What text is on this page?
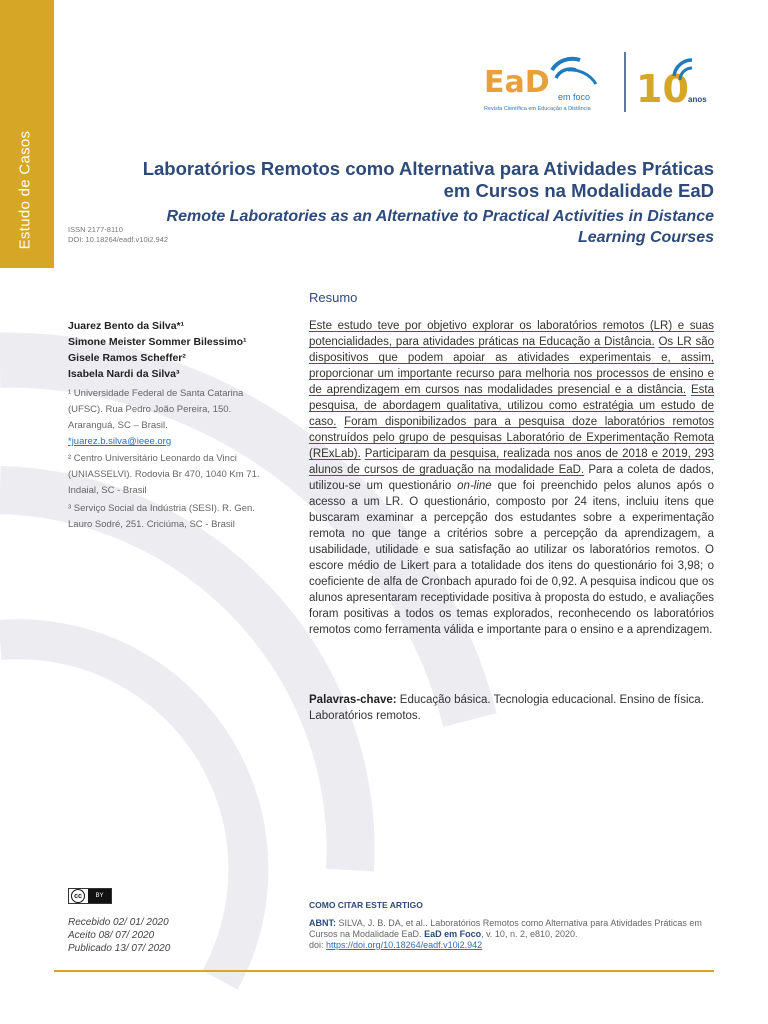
Estudo de Casos
EaD em foco
Revista Científica em Educação a Distância 10 anos
Laboratórios Remotos como Alternativa para Atividades Práticas em Cursos na Modalidade EaD
Remote Laboratories as an Alternative to Practical Activities in Distance Learning Courses
ISSN 2177-8110
DOI: 10.18264/eadf.v10i2.942
Juarez Bento da Silva*¹
Simone Meister Sommer Bilessimo¹
Gisele Ramos Scheffer²
Isabela Nardi da Silva³
¹ Universidade Federal de Santa Catarina (UFSC). Rua Pedro João Pereira, 150. Araranguá, SC – Brasil.
*juarez.b.silva@ieee.org
² Centro Universitário Leonardo da Vinci (UNIASSELVI). Rodovia Br 470, 1040 Km 71. Indaial, SC - Brasil
³ Serviço Social da Indústria (SESI). R. Gen. Lauro Sodré, 251. Criciúma, SC - Brasil
Resumo
Este estudo teve por objetivo explorar os laboratórios remotos (LR) e suas potencialidades, para atividades práticas na Educação a Distância. Os LR são dispositivos que podem apoiar as atividades experimentais e, assim, proporcionar um importante recurso para melhoria nos processos de ensino e de aprendizagem em cursos nas modalidades presencial e a distância. Esta pesquisa, de abordagem qualitativa, utilizou como estratégia um estudo de caso. Foram disponibilizados para a pesquisa doze laboratórios remotos construídos pelo grupo de pesquisas Laboratório de Experimentação Remota (RExLab). Participaram da pesquisa, realizada nos anos de 2018 e 2019, 293 alunos de cursos de graduação na modalidade EaD. Para a coleta de dados, utilizou-se um questionário on-line que foi preenchido pelos alunos após o acesso a um LR. O questionário, composto por 24 itens, incluiu itens que buscaram examinar a percepção dos estudantes sobre a experimentação remota no que tange a critérios sobre a percepção da aprendizagem, a usabilidade, utilidade e sua satisfação ao utilizar os laboratórios remotos. O escore médio de Likert para a totalidade dos itens do questionário foi 3,98; o coeficiente de alfa de Cronbach apurado foi de 0,92. A pesquisa indicou que os alunos apresentaram receptividade positiva à proposta do estudo, e avaliações foram positivas a todos os temas explorados, reconhecendo os laboratórios remotos como ferramenta válida e importante para o ensino e a aprendizagem.
Palavras-chave: Educação básica. Tecnologia educacional. Ensino de física. Laboratórios remotos.
cc	BY
Recebido 02/ 01/ 2020
Aceito 08/ 07/ 2020
Publicado 13/ 07/ 2020
COMO CITAR ESTE ARTIGO
ABNT: SILVA, J. B. DA, et al.. Laboratórios Remotos como Alternativa para Atividades Práticas em Cursos na Modalidade EaD. EaD em Foco, v. 10, n. 2, e810, 2020.
doi: https://doi.org/10.18264/eadf.v10i2.942
